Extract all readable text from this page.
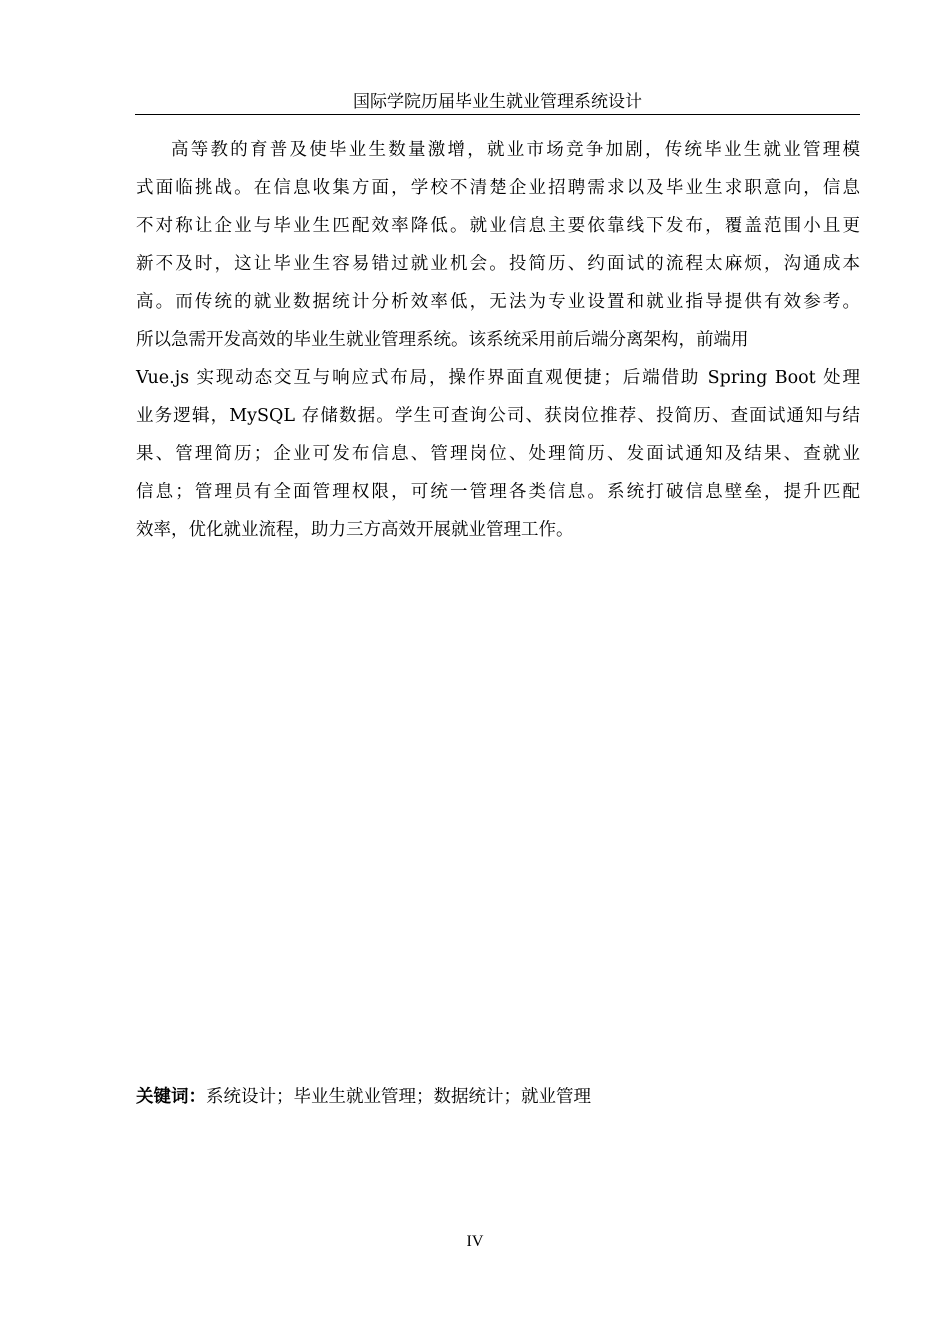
国际学院历届毕业生就业管理系统设计
高等教的育普及使毕业生数量激增，就业市场竞争加剧，传统毕业生就业管理模
式面临挑战。在信息收集方面，学校不清楚企业招聘需求以及毕业生求职意向，信息
不对称让企业与毕业生匹配效率降低。就业信息主要依靠线下发布，覆盖范围小且更
新不及时，这让毕业生容易错过就业机会。投简历、约面试的流程太麻烦，沟通成本
高。而传统的就业数据统计分析效率低，无法为专业设置和就业指导提供有效参考。
所以急需开发高效的毕业生就业管理系统。该系统采用前后端分离架构，前端用
Vue.js 实现动态交互与响应式布局，操作界面直观便捷；后端借助 Spring Boot 处理
业务逻辑，MySQL 存储数据。学生可查询公司、获岗位推荐、投简历、查面试通知与结
果、管理简历；企业可发布信息、管理岗位、处理简历、发面试通知及结果、查就业
信息；管理员有全面管理权限，可统一管理各类信息。系统打破信息壁垒，提升匹配
效率，优化就业流程，助力三方高效开展就业管理工作。
关键词：系统设计；毕业生就业管理；数据统计；就业管理
IV
